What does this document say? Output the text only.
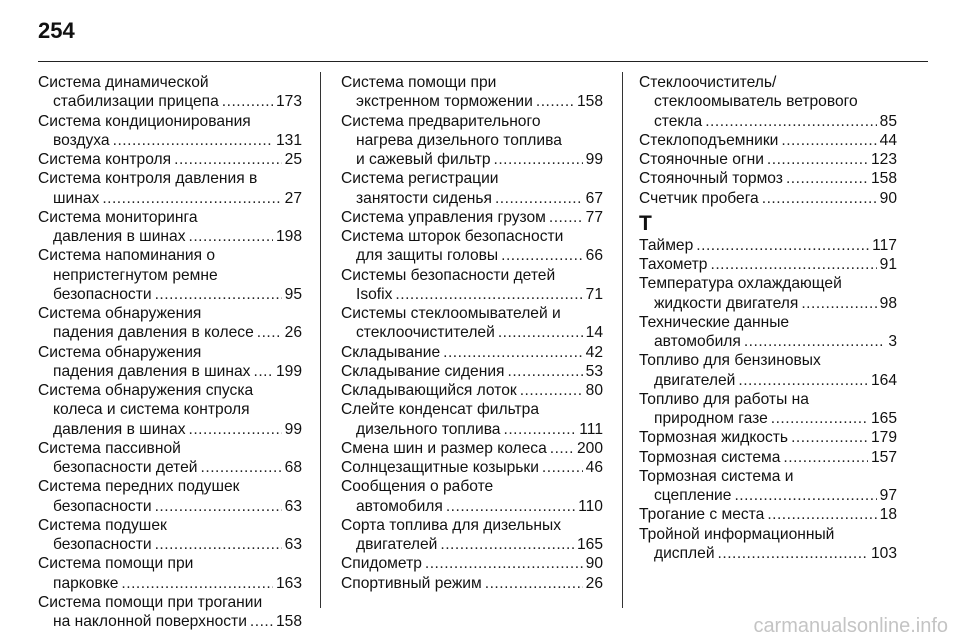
254
Система динамической
стабилизации прицепа .....	173
Система кондиционирования
воздуха .....	131
Система контроля .....	25
Система контроля давления в
шинах .....	27
Система мониторинга
давления в шинах .....	198
Система напоминания о
непристегнутом ремне
безопасности .....	95
Система обнаружения
падения давления в колесе ..... 26
Система обнаружения
падения давления в шинах ..... 199
Система обнаружения спуска
колеса и система контроля
давления в шинах .....	99
Система пассивной
безопасности детей .....	68
Система передних подушек
безопасности .....	63
Система подушек
безопасности .....	63
Система помощи при
парковке .....	163
Система помощи при трогании
на наклонной поверхности ..... 158
Система помощи при
экстренном торможении .....	158
Система предварительного
нагрева дизельного топлива
и сажевый фильтр .....	99
Система регистрации
занятости сиденья .....	67
Система управления грузом .....	77
Система шторок безопасности
для защиты головы .....	66
Системы безопасности детей
Isofix .....	71
Системы стеклоомывателей и
стеклоочистителей .....	14
Складывание .....	42
Складывание сидения .....	53
Складывающийся лоток .....	80
Слейте конденсат фильтра
дизельного топлива .....	111
Смена шин и размер колеса ..... 200
Солнцезащитные козырьки .....	46
Сообщения о работе
автомобиля .....	110
Сорта топлива для дизельных
двигателей .....	165
Спидометр .....	90
Спортивный режим .....	26
Стеклоочиститель/
стеклоомыватель ветрового
стекла .....	85
Стеклоподъемники .....	44
Стояночные огни .....	123
Стояночный тормоз .....	158
Счетчик пробега .....	90
Т
Таймер .....	117
Тахометр .....	91
Температура охлаждающей
жидкости двигателя .....	98
Технические данные
автомобиля .....	3
Топливо для бензиновых
двигателей .....	164
Топливо для работы на
природном газе .....	165
Тормозная жидкость .....	179
Тормозная система .....	157
Тормозная система и
сцепление .....	97
Трогание с места .....	18
Тройной информационный
дисплей .....	103
carmanualsonline.info
